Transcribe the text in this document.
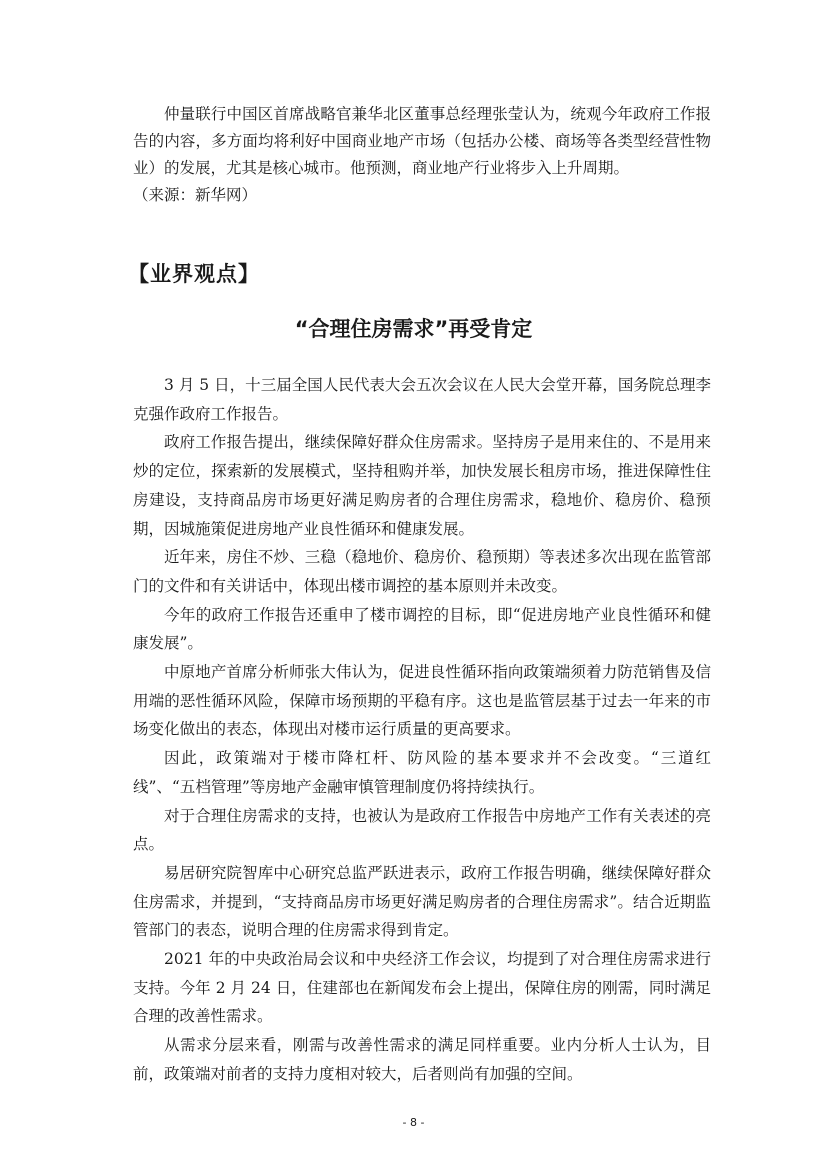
仲量联行中国区首席战略官兼华北区董事总经理张莹认为，统观今年政府工作报告的内容，多方面均将利好中国商业地产市场（包括办公楼、商场等各类型经营性物业）的发展，尤其是核心城市。他预测，商业地产行业将步入上升周期。

（来源：新华网）

【业界观点】
“合理住房需求”再受肯定

3 月 5 日，十三届全国人民代表大会五次会议在人民大会堂开幕，国务院总理李克强作政府工作报告。

政府工作报告提出，继续保障好群众住房需求。坚持房子是用来住的、不是用来炒的定位，探索新的发展模式，坚持租购并举，加快发展长租房市场，推进保障性住房建设，支持商品房市场更好满足购房者的合理住房需求，稳地价、稳房价、稳预期，因城施策促进房地产业良性循环和健康发展。

近年来，房住不炒、三稳（稳地价、稳房价、稳预期）等表述多次出现在监管部门的文件和有关讲话中，体现出楼市调控的基本原则并未改变。

今年的政府工作报告还重申了楼市调控的目标，即“促进房地产业良性循环和健康发展”。

中原地产首席分析师张大伟认为，促进良性循环指向政策端须着力防范销售及信用端的恶性循环风险，保障市场预期的平稳有序。这也是监管层基于过去一年来的市场变化做出的表态，体现出对楼市运行质量的更高要求。

因此，政策端对于楼市降杠杆、防风险的基本要求并不会改变。“三道红线”、“五档管理”等房地产金融审慎管理制度仍将持续执行。

对于合理住房需求的支持，也被认为是政府工作报告中房地产工作有关表述的亮点。

易居研究院智库中心研究总监严跃进表示，政府工作报告明确，继续保障好群众住房需求，并提到，“支持商品房市场更好满足购房者的合理住房需求”。结合近期监管部门的表态，说明合理的住房需求得到肯定。

2021 年的中央政治局会议和中央经济工作会议，均提到了对合理住房需求进行支持。今年 2 月 24 日，住建部也在新闻发布会上提出，保障住房的刚需，同时满足合理的改善性需求。

从需求分层来看，刚需与改善性需求的满足同样重要。业内分析人士认为，目前，政策端对前者的支持力度相对较大，后者则尚有加强的空间。

- 8 -
